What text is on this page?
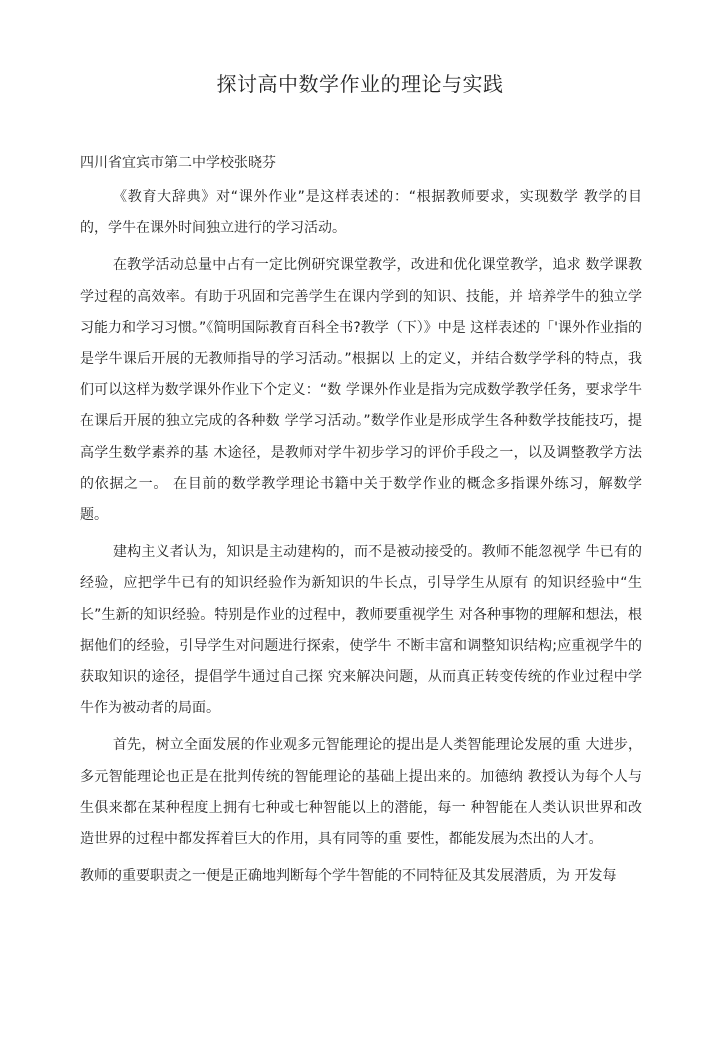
探讨高中数学作业的理论与实践
四川省宜宾市第二中学校张晓芬

《教育大辞典》对“课外作业”是这样表述的：“根据教师要求，实现数学 教学的目的，学牛在课外时间独立进行的学习活动。

在教学活动总量中占有一定比例研究课堂教学，改进和优化课堂教学，追求 数学课教学过程的高效率。有助于巩固和完善学生在课内学到的知识、技能，并 培养学牛的独立学习能力和学习习惯。”《简明国际教育百科全书?教学（下）》中是 这样表述的「'课外作业指的是学牛课后开展的无教师指导的学习活动。”根据以 上的定义，并结合数学学科的特点，我们可以这样为数学课外作业下个定义：“数 学课外作业是指为完成数学教学任务，要求学牛在课后开展的独立完成的各种数 学学习活动。”数学作业是形成学生各种数学技能技巧，提高学生数学素养的基 木途径，是教师对学牛初步学习的评价手段之一，以及调整教学方法的依据之一。 在目前的数学教学理论书籍中关于数学作业的概念多指课外练习，解数学题。

建构主义者认为，知识是主动建构的，而不是被动接受的。教师不能忽视学 牛已有的经验，应把学牛已有的知识经验作为新知识的牛长点，引导学生从原有 的知识经验中“生长”生新的知识经验。特别是作业的过程中，教师要重视学生 对各种事物的理解和想法，根据他们的经验，引导学生对问题进行探索，使学牛 不断丰富和调整知识结构;应重视学牛的获取知识的途径，提倡学牛通过自己探 究来解决问题，从而真正转变传统的作业过程中学牛作为被动者的局面。

首先，树立全面发展的作业观多元智能理论的提出是人类智能理论发展的重 大进步，多元智能理论也正是在批判传统的智能理论的基础上提出来的。加德纳 教授认为每个人与生俱来都在某种程度上拥有七种或七种智能以上的潜能，每一 种智能在人类认识世界和改造世界的过程中都发挥着巨大的作用，具有同等的重 要性，都能发展为杰出的人才。

教师的重要职责之一便是正确地判断每个学牛智能的不同特征及其发展潜质，为 开发每
